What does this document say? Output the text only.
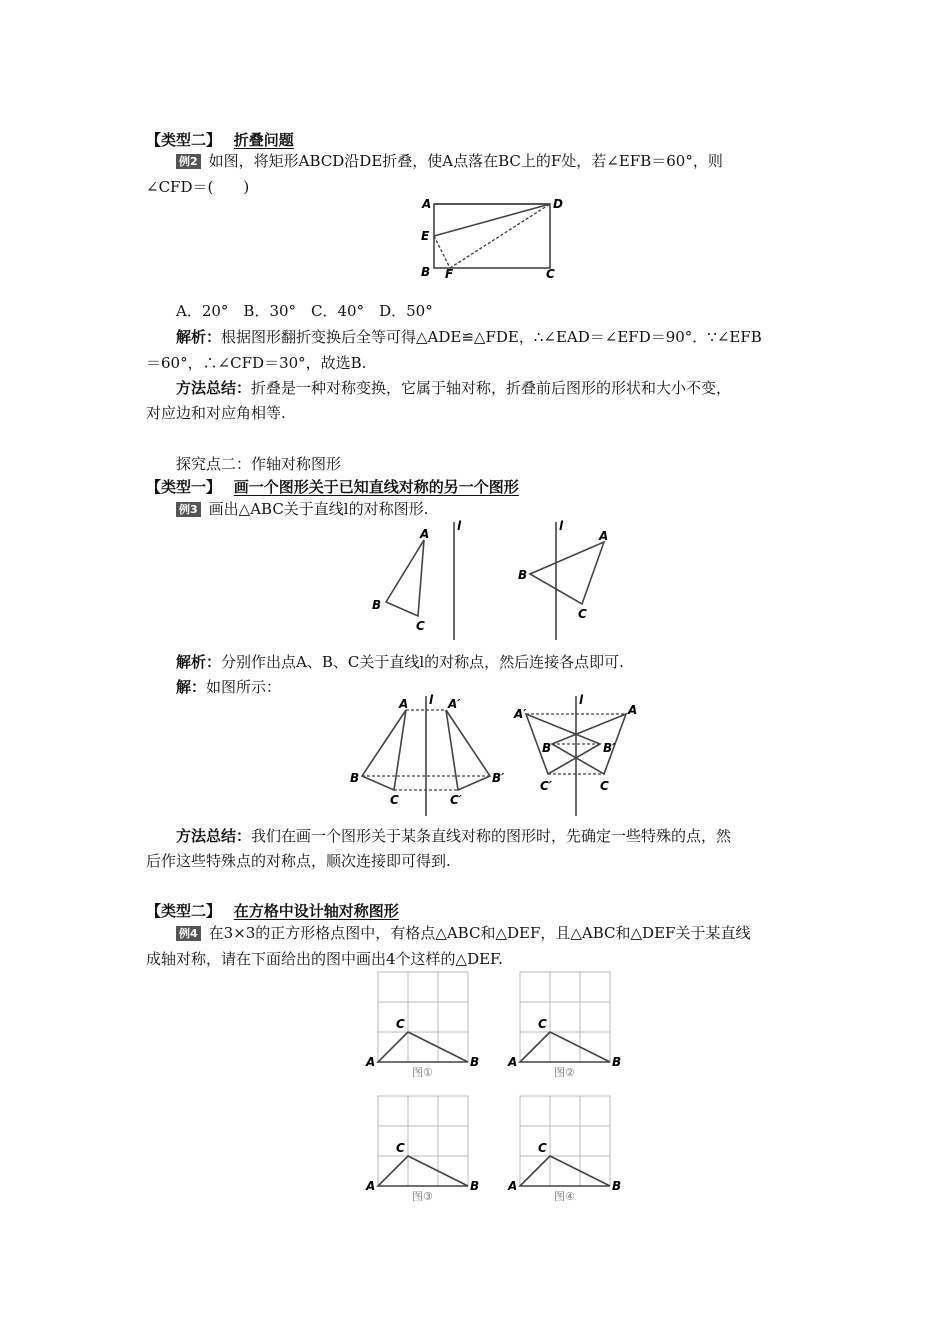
【类型二】 折叠问题
例2 如图，将矩形ABCD沿DE折叠，使A点落在BC上的F处，若∠EFB＝60°，则
∠CFD＝(　　)
A	D
E
B F	C
A．20°　B．30°　C．40°　D．50°
解析：根据图形翻折变换后全等可得△ADE≌△FDE，∴∠EAD＝∠EFD＝90°．∵∠EFB
＝60°，∴∠CFD＝30°，故选B.
方法总结：折叠是一种对称变换，它属于轴对称，折叠前后图形的形状和大小不变，
对应边和对应角相等.
探究点二：作轴对称图形
【类型一】 画一个图形关于已知直线对称的另一个图形
例3 画出△ABC关于直线l的对称图形.
A
B
C
l
A
B
C
l
解析：分别作出点A、B、C关于直线l的对称点，然后连接各点即可.
解：如图所示：
A	A′
B	B′
C	C′
l
A
A′
B	B′
C′	C
l
方法总结：我们在画一个图形关于某条直线对称的图形时，先确定一些特殊的点，然
后作这些特殊点的对称点，顺次连接即可得到.
【类型二】 在方格中设计轴对称图形
例4 在3×3的正方形格点图中，有格点△ABC和△DEF，且△ABC和△DEF关于某直线
成轴对称，请在下面给出的图中画出4个这样的△DEF.
A	B
C
图①
A	B
C
图②
A	B
C
图③
A	B
C
图④
